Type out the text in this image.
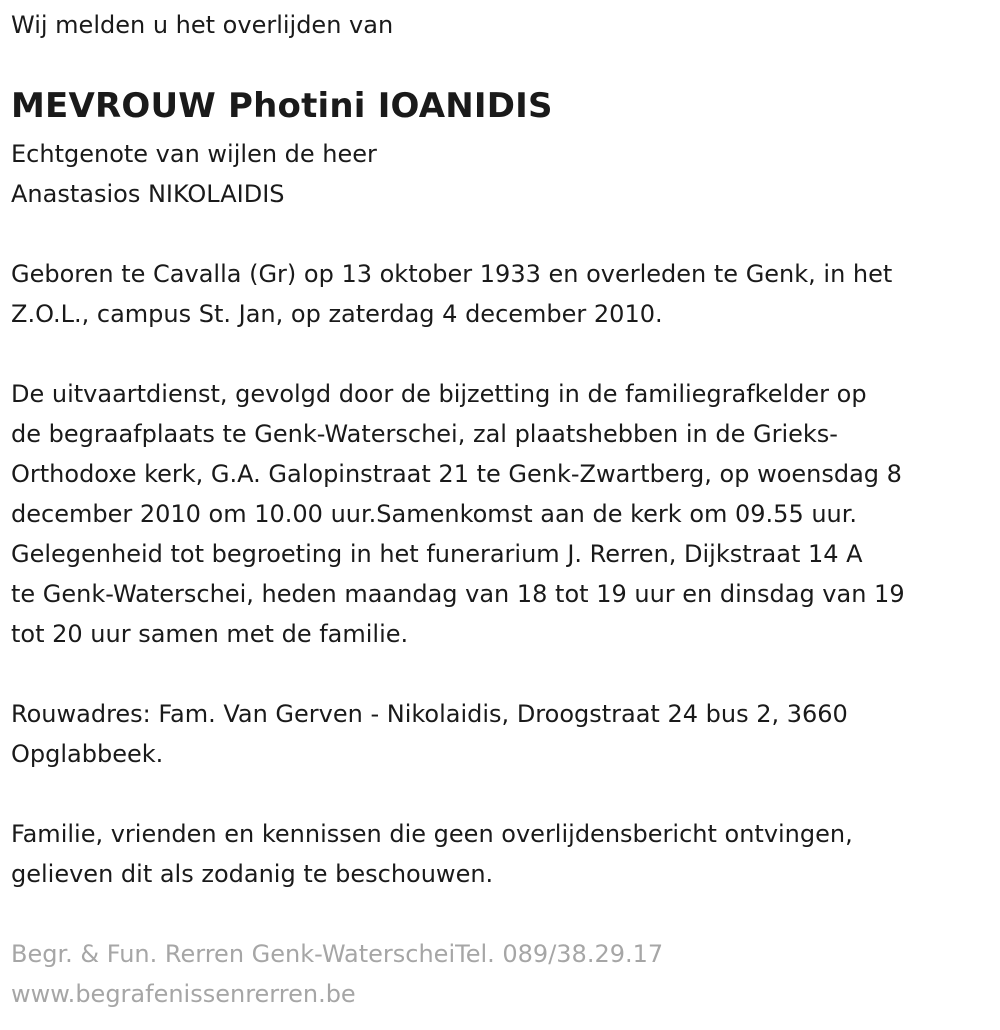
Wij melden u het overlijden van

MEVROUW Photini IOANIDIS

Echtgenote van wijlen de heer

Anastasios NIKOLAIDIS

Geboren te Cavalla (Gr) op 13 oktober 1933 en overleden te Genk, in het

Z.O.L., campus St. Jan, op zaterdag 4 december 2010.

De uitvaartdienst, gevolgd door de bijzetting in de familiegrafkelder op

de begraafplaats te Genk-Waterschei, zal plaatshebben in de Grieks-

Orthodoxe kerk, G.A. Galopinstraat 21 te Genk-Zwartberg, op woensdag 8

december 2010 om 10.00 uur.Samenkomst aan de kerk om 09.55 uur.

Gelegenheid tot begroeting in het funerarium J. Rerren, Dijkstraat 14 A

te Genk-Waterschei, heden maandag van 18 tot 19 uur en dinsdag van 19

tot 20 uur samen met de familie.

Rouwadres: Fam. Van Gerven - Nikolaidis, Droogstraat 24 bus 2, 3660

Opglabbeek.

Familie, vrienden en kennissen die geen overlijdensbericht ontvingen,

gelieven dit als zodanig te beschouwen.

Begr. & Fun. Rerren Genk-WaterscheiTel. 089/38.29.17

www.begrafenissenrerren.be
